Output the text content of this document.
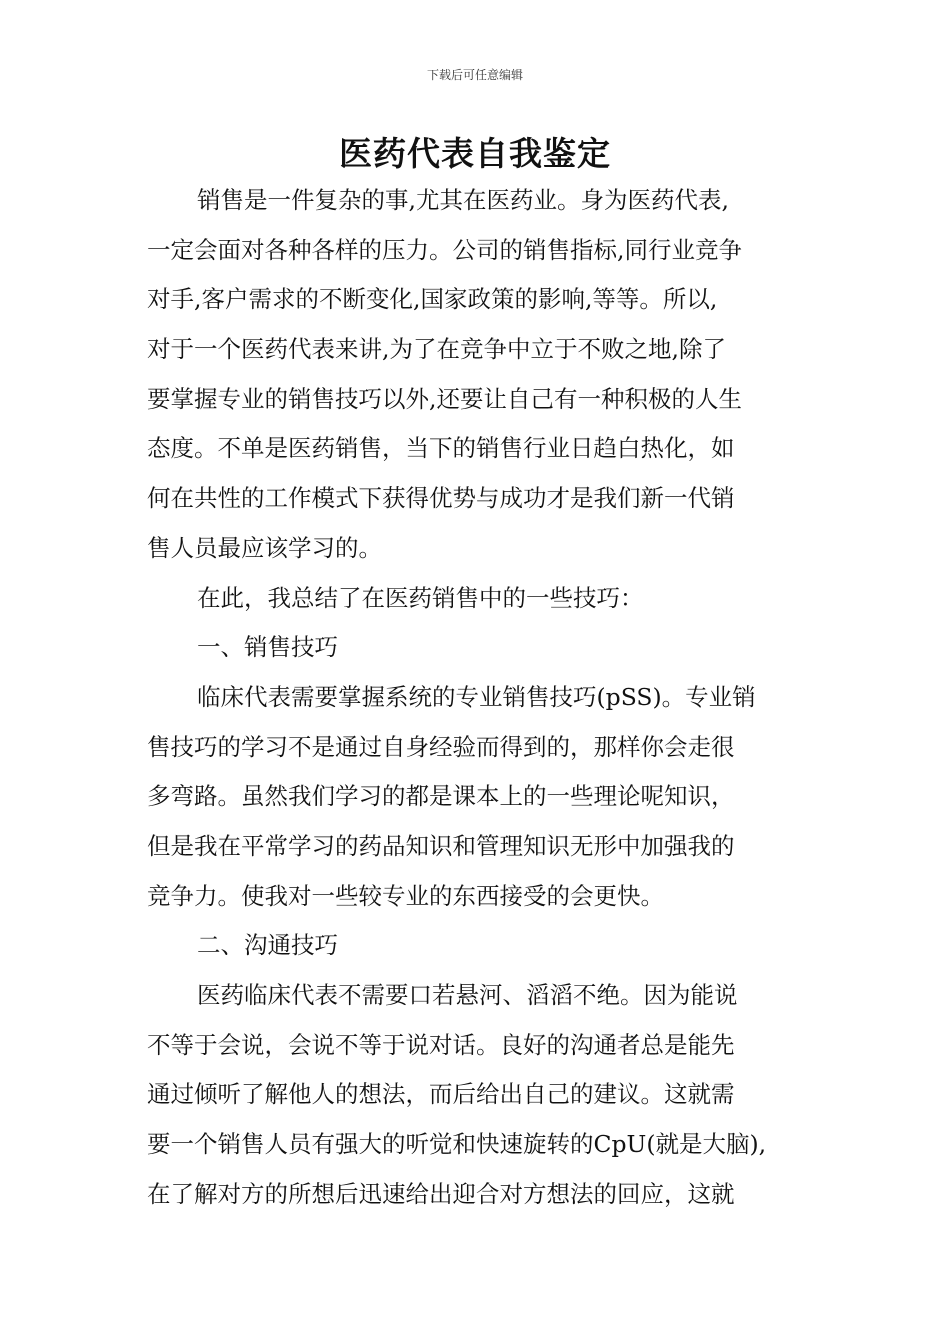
下载后可任意编辑
医药代表自我鉴定
销售是一件复杂的事,尤其在医药业。身为医药代表,
一定会面对各种各样的压力。公司的销售指标,同行业竞争
对手,客户需求的不断变化,国家政策的影响,等等。所以,
对于一个医药代表来讲,为了在竞争中立于不败之地,除了
要掌握专业的销售技巧以外,还要让自己有一种积极的人生
态度。不单是医药销售，当下的销售行业日趋白热化，如
何在共性的工作模式下获得优势与成功才是我们新一代销
售人员最应该学习的。
在此，我总结了在医药销售中的一些技巧：
一、销售技巧
临床代表需要掌握系统的专业销售技巧(pSS)。专业销
售技巧的学习不是通过自身经验而得到的，那样你会走很
多弯路。虽然我们学习的都是课本上的一些理论呢知识，
但是我在平常学习的药品知识和管理知识无形中加强我的
竞争力。使我对一些较专业的东西接受的会更快。
二、沟通技巧
医药临床代表不需要口若悬河、滔滔不绝。因为能说
不等于会说，会说不等于说对话。良好的沟通者总是能先
通过倾听了解他人的想法，而后给出自己的建议。这就需
要一个销售人员有强大的听觉和快速旋转的CpU(就是大脑),
在了解对方的所想后迅速给出迎合对方想法的回应，这就
